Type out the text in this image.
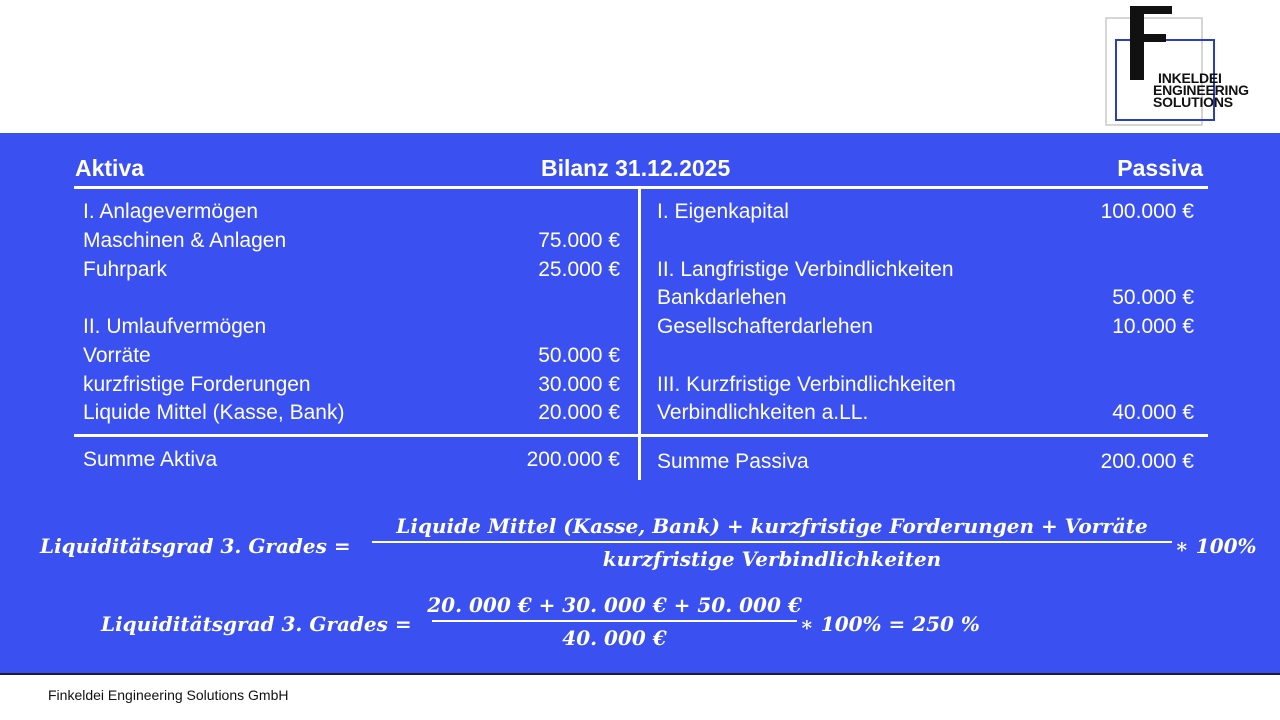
INKELDEI
ENGINEERING
SOLUTIONS
Aktiva	Bilanz 31.12.2025	Passiva
I. Anlagevermögen
Maschinen & Anlagen	75.000 €
Fuhrpark	25.000 €
II. Umlaufvermögen
Vorräte	50.000 €
kurzfristige Forderungen	30.000 €
Liquide Mittel (Kasse, Bank)	20.000 €
I. Eigenkapital	100.000 €
II. Langfristige Verbindlichkeiten
Bankdarlehen	50.000 €
Gesellschafterdarlehen	10.000 €
III. Kurzfristige Verbindlichkeiten
Verbindlichkeiten a.LL.	40.000 €
Summe Aktiva	200.000 € Summe Passiva	200.000 €
Liquiditätsgrad 3. Grades =
Liquide Mittel (Kasse, Bank) + kurzfristige Forderungen + Vorräte
kurzfristige Verbindlichkeiten
∗ 100%
Liquiditätsgrad 3. Grades =
20. 000 € + 30. 000 € + 50. 000 €
40. 000 €
∗ 100% = 250 %
Finkeldei Engineering Solutions GmbH
